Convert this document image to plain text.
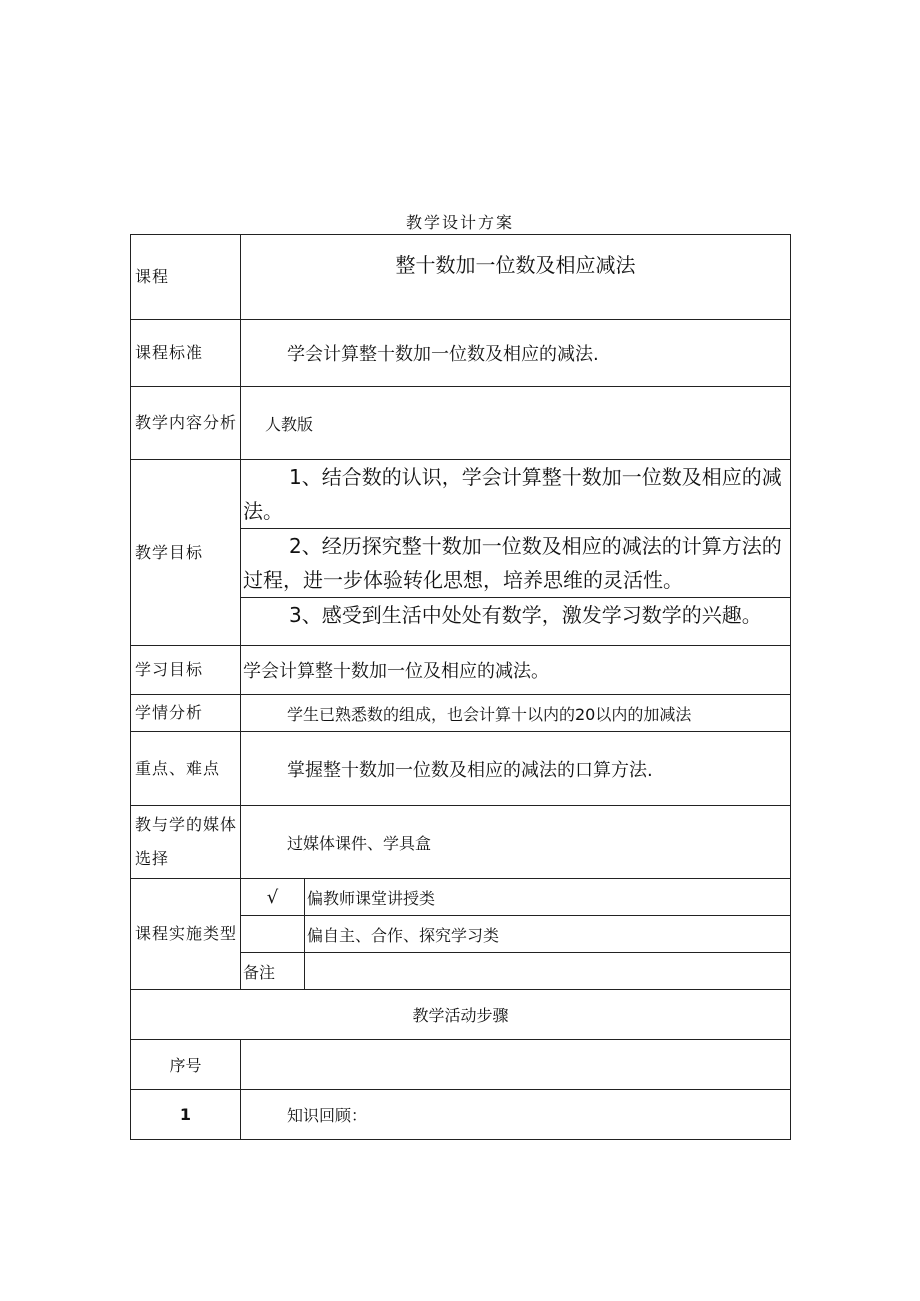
教学设计方案
课程	整十数加一位数及相应减法	
课程标准	学会计算整十数加一位数及相应的减法.	
教学内容分析	人教版	
教学目标	1、结合数的认识，学会计算整十数加一位数及相应的减法。	
	2、经历探究整十数加一位数及相应的减法的计算方法的过程，进一步体验转化思想，培养思维的灵活性。	

	3、感受到生活中处处有数学，激发学习数学的兴趣。	

学习目标	学会计算整十数加一位及相应的减法。	
学情分析	学生已熟悉数的组成，也会计算十以内的20以内的加减法	
重点、难点	掌握整十数加一位数及相应的减法的口算方法.	
教与学的媒体选择	过媒体课件、学具盒	
课程实施类型	√	偏教师课堂讲授类
		偏自主、合作、探究学习类
	备注	
教学活动步骤		
序号		
1	知识回顾：	
